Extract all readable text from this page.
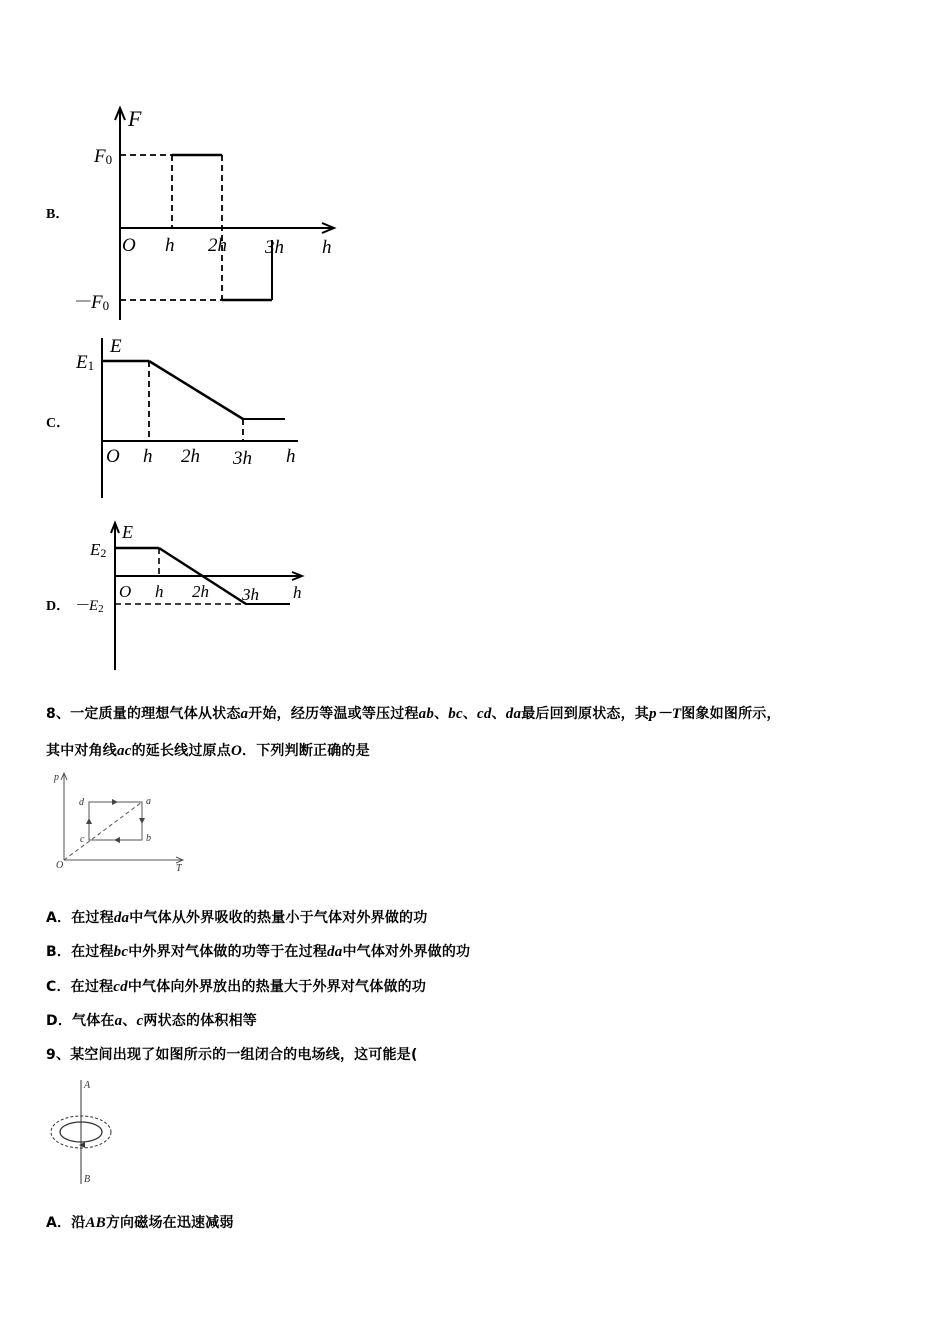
B．
F
F0
O h 2h 3h h
－F0
C．
E
E1
O h 2h 3h h
D．
E
E2
O h 2h 3h h
－E2
8、一定质量的理想气体从状态a开始，经历等温或等压过程ab、bc、cd、da最后回到原状态，其p－T图象如图所示，
其中对角线ac的延长线过原点O．下列判断正确的是
p
T
O
a
b
c
d
A．在过程da中气体从外界吸收的热量小于气体对外界做的功
B．在过程bc中外界对气体做的功等于在过程da中气体对外界做的功
C．在过程cd中气体向外界放出的热量大于外界对气体做的功
D．气体在a、c两状态的体积相等
9、某空间出现了如图所示的一组闭合的电场线，这可能是(
A
B
A．沿AB方向磁场在迅速减弱
